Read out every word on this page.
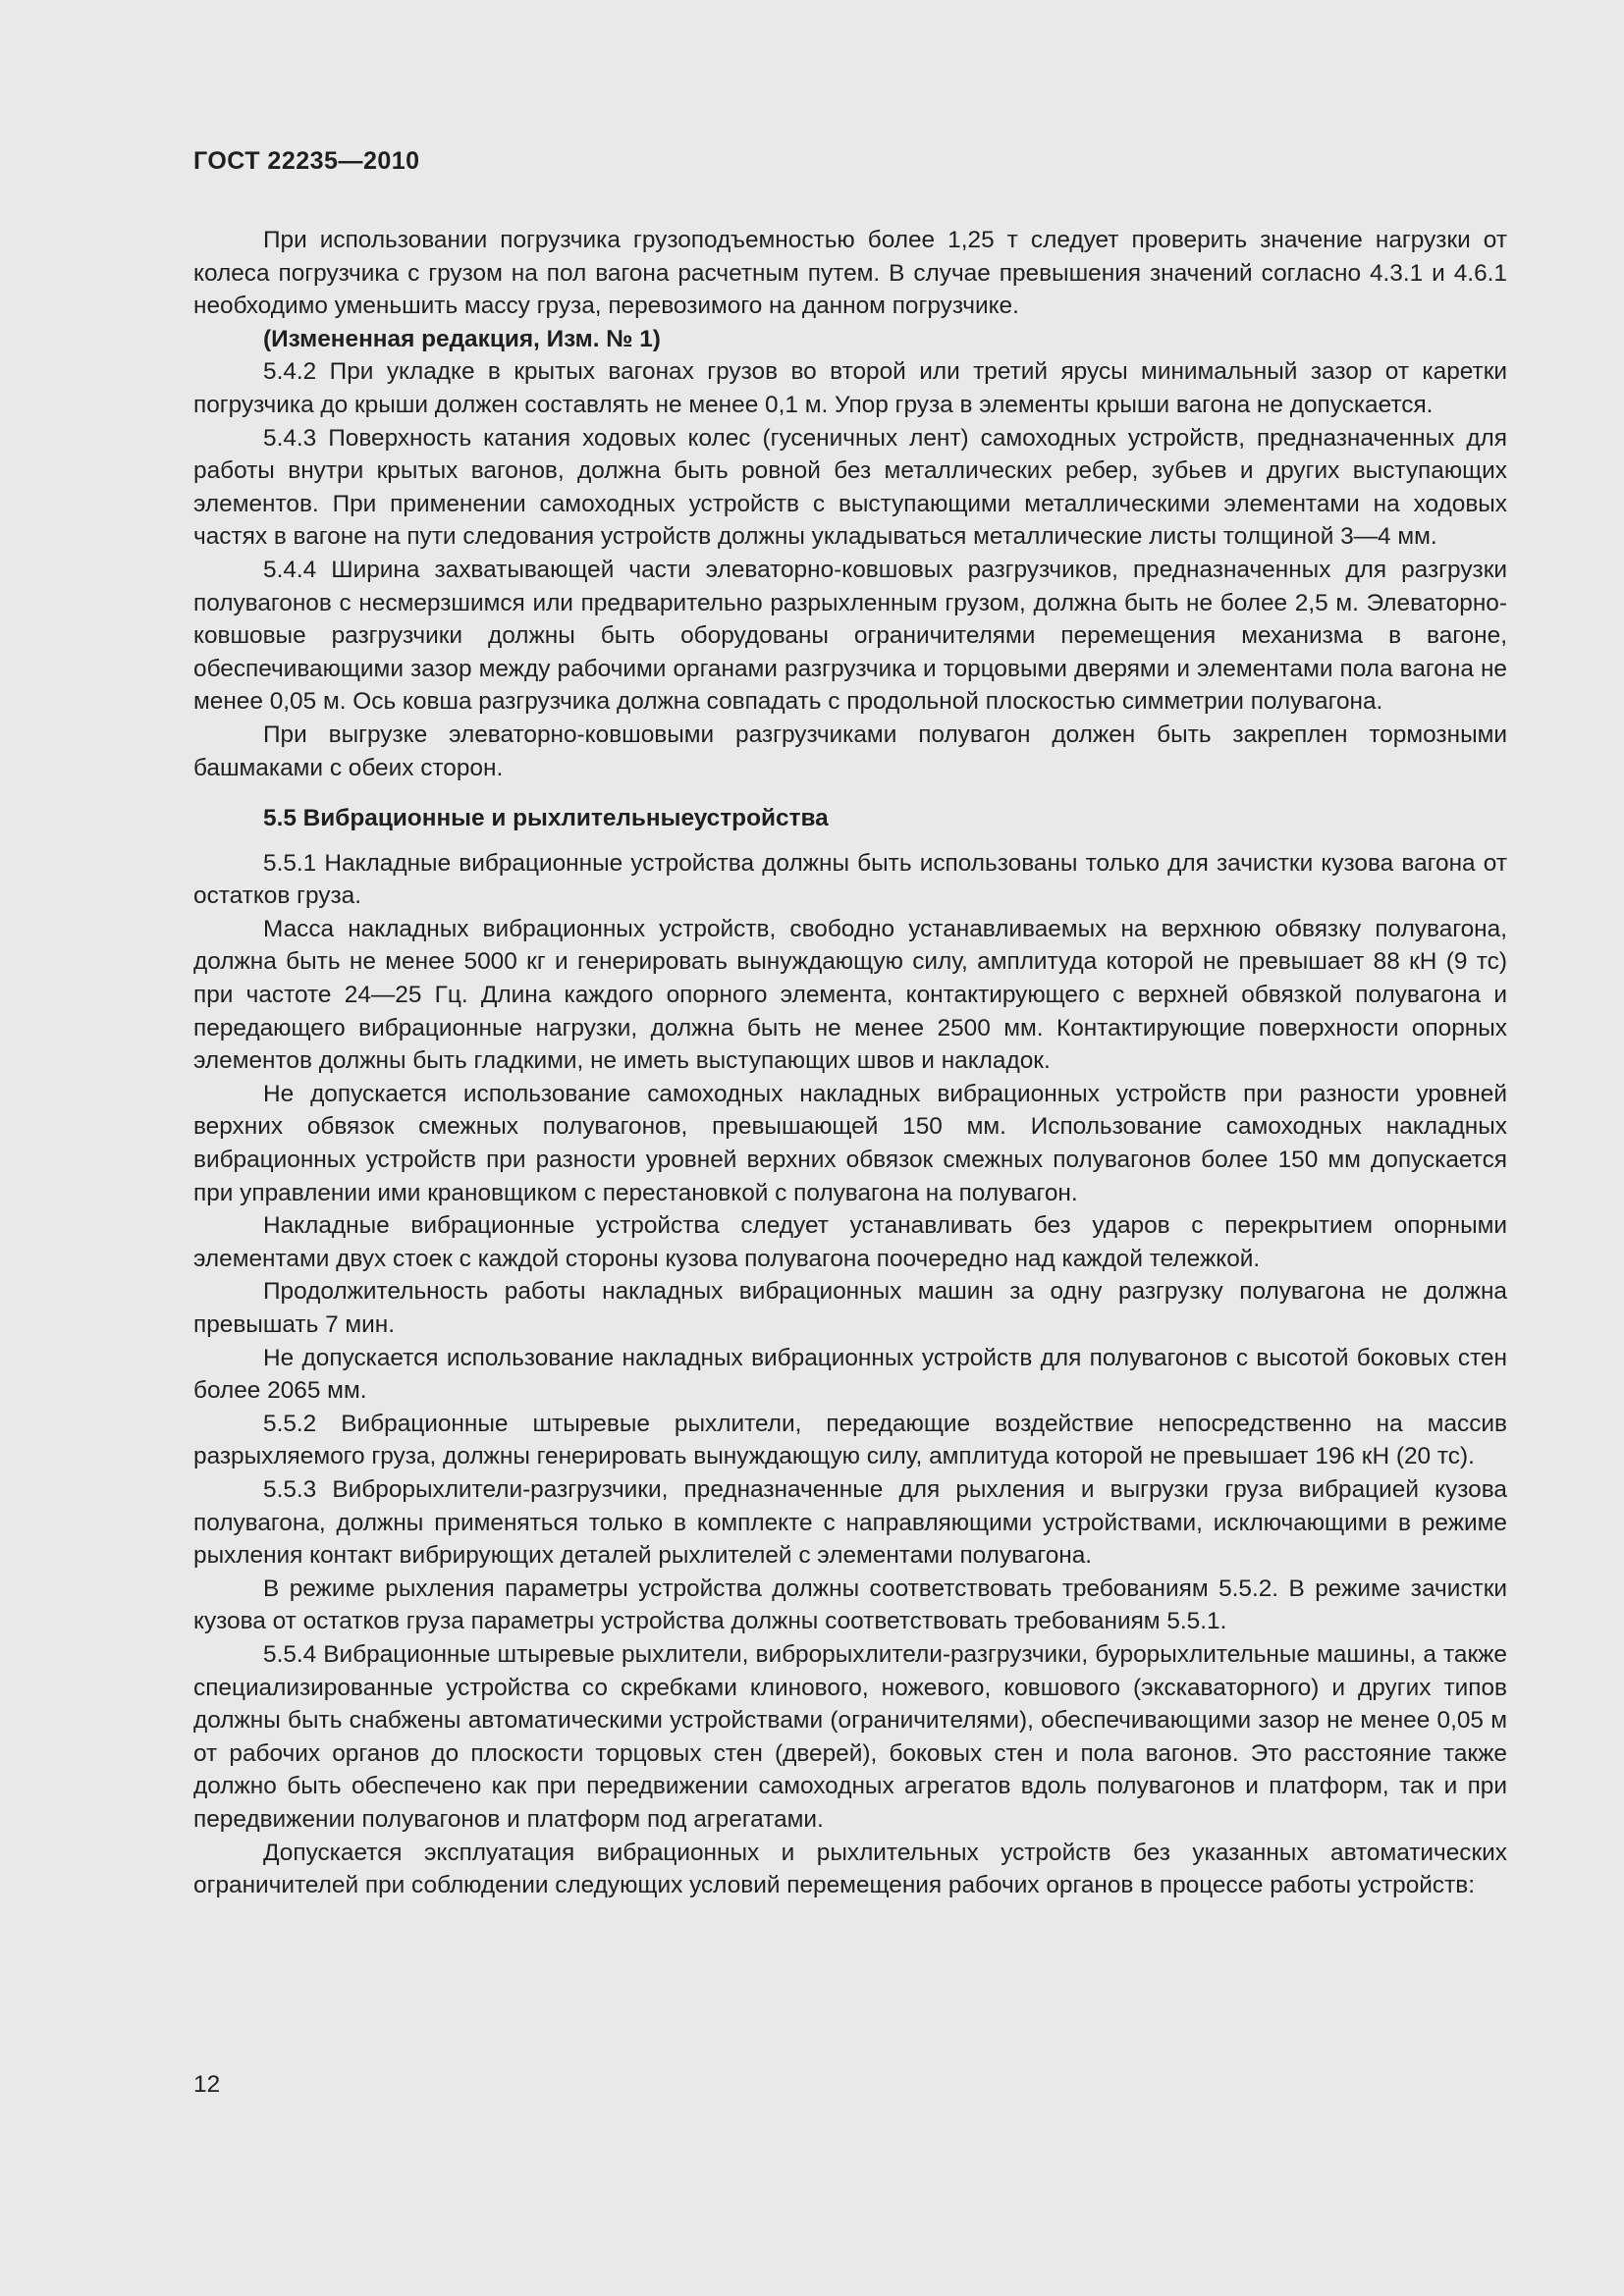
ГОСТ 22235—2010

При использовании погрузчика грузоподъемностью более 1,25 т следует проверить значение нагрузки от колеса погрузчика с грузом на пол вагона расчетным путем. В случае превышения значений согласно 4.3.1 и 4.6.1 необходимо уменьшить массу груза, перевозимого на данном погрузчике.

(Измененная редакция, Изм. № 1)

5.4.2 При укладке в крытых вагонах грузов во второй или третий ярусы минимальный зазор от каретки погрузчика до крыши должен составлять не менее 0,1 м. Упор груза в элементы крыши вагона не допускается.

5.4.3 Поверхность катания ходовых колес (гусеничных лент) самоходных устройств, предназначенных для работы внутри крытых вагонов, должна быть ровной без металлических ребер, зубьев и других выступающих элементов. При применении самоходных устройств с выступающими металлическими элементами на ходовых частях в вагоне на пути следования устройств должны укладываться металлические листы толщиной 3—4 мм.

5.4.4 Ширина захватывающей части элеваторно-ковшовых разгрузчиков, предназначенных для разгрузки полувагонов с несмерзшимся или предварительно разрыхленным грузом, должна быть не более 2,5 м. Элеваторно-ковшовые разгрузчики должны быть оборудованы ограничителями перемещения механизма в вагоне, обеспечивающими зазор между рабочими органами разгрузчика и торцовыми дверями и элементами пола вагона не менее 0,05 м. Ось ковша разгрузчика должна совпадать с продольной плоскостью симметрии полувагона.

При выгрузке элеваторно-ковшовыми разгрузчиками полувагон должен быть закреплен тормозными башмаками с обеих сторон.

5.5 Вибрационные и рыхлительныеустройства

5.5.1 Накладные вибрационные устройства должны быть использованы только для зачистки кузова вагона от остатков груза.

Масса накладных вибрационных устройств, свободно устанавливаемых на верхнюю обвязку полувагона, должна быть не менее 5000 кг и генерировать вынуждающую силу, амплитуда которой не превышает 88 кН (9 тс) при частоте 24—25 Гц. Длина каждого опорного элемента, контактирующего с верхней обвязкой полувагона и передающего вибрационные нагрузки, должна быть не менее 2500 мм. Контактирующие поверхности опорных элементов должны быть гладкими, не иметь выступающих швов и накладок.

Не допускается использование самоходных накладных вибрационных устройств при разности уровней верхних обвязок смежных полувагонов, превышающей 150 мм. Использование самоходных накладных вибрационных устройств при разности уровней верхних обвязок смежных полувагонов более 150 мм допускается при управлении ими крановщиком с перестановкой с полувагона на полувагон.

Накладные вибрационные устройства следует устанавливать без ударов с перекрытием опорными элементами двух стоек с каждой стороны кузова полувагона поочередно над каждой тележкой.

Продолжительность работы накладных вибрационных машин за одну разгрузку полувагона не должна превышать 7 мин.

Не допускается использование накладных вибрационных устройств для полувагонов с высотой боковых стен более 2065 мм.

5.5.2 Вибрационные штыревые рыхлители, передающие воздействие непосредственно на массив разрыхляемого груза, должны генерировать вынуждающую силу, амплитуда которой не превышает 196 кН (20 тс).

5.5.3 Виброрыхлители-разгрузчики, предназначенные для рыхления и выгрузки груза вибрацией кузова полувагона, должны применяться только в комплекте с направляющими устройствами, исключающими в режиме рыхления контакт вибрирующих деталей рыхлителей с элементами полувагона.

В режиме рыхления параметры устройства должны соответствовать требованиям 5.5.2. В режиме зачистки кузова от остатков груза параметры устройства должны соответствовать требованиям 5.5.1.

5.5.4 Вибрационные штыревые рыхлители, виброрыхлители-разгрузчики, бурорыхлительные машины, а также специализированные устройства со скребками клинового, ножевого, ковшового (экскаваторного) и других типов должны быть снабжены автоматическими устройствами (ограничителями), обеспечивающими зазор не менее 0,05 м от рабочих органов до плоскости торцовых стен (дверей), боковых стен и пола вагонов. Это расстояние также должно быть обеспечено как при передвижении самоходных агрегатов вдоль полувагонов и платформ, так и при передвижении полувагонов и платформ под агрегатами.

Допускается эксплуатация вибрационных и рыхлительных устройств без указанных автоматических ограничителей при соблюдении следующих условий перемещения рабочих органов в процессе работы устройств:

12
